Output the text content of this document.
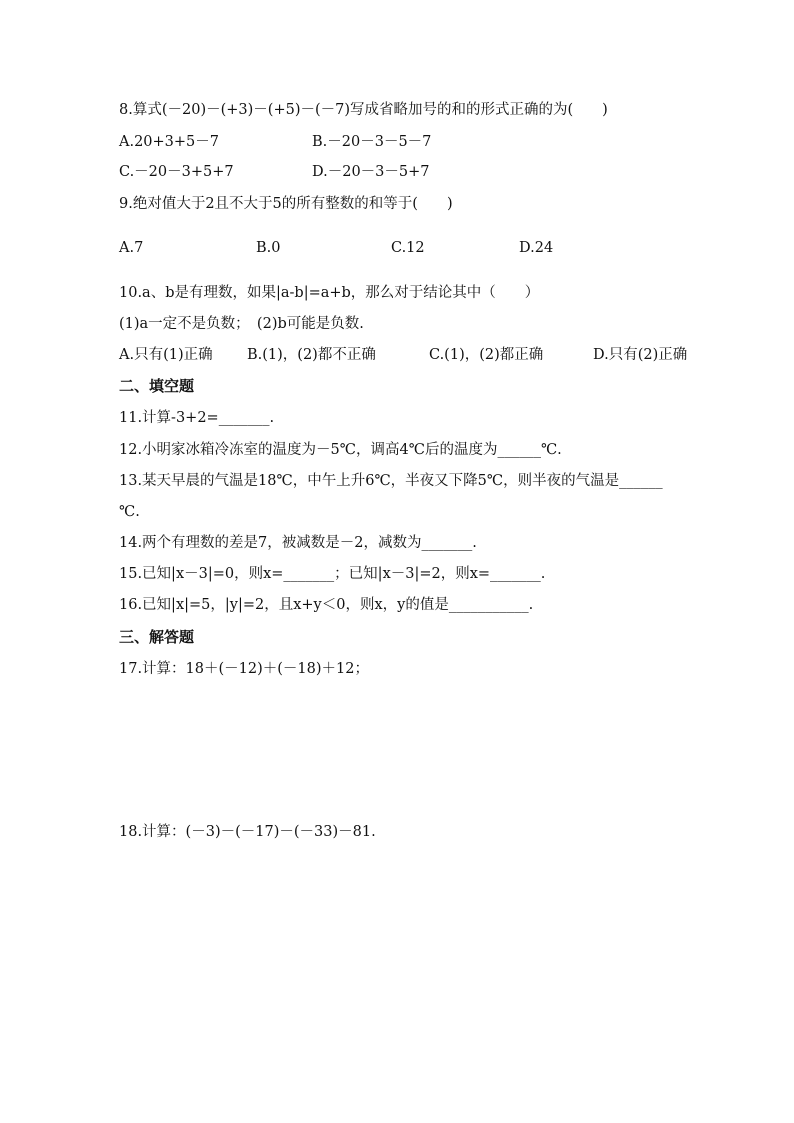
8.算式(－20)－(+3)－(+5)－(－7)写成省略加号的和的形式正确的为(　　)
A.20+3+5－7	B.－20－3－5－7
C.－20－3+5+7	D.－20－3－5+7
9.绝对值大于2且不大于5的所有整数的和等于(　　)
A.7	B.0	C.12	D.24
10.a、b是有理数，如果|a-b|=a+b，那么对于结论其中（　　）
(1)a一定不是负数；　(2)b可能是负数.
A.只有(1)正确 B.(1)，(2)都不正确	C.(1)，(2)都正确	D.只有(2)正确
二、填空题
11.计算-3+2=_______.
12.小明家冰箱冷冻室的温度为－5℃，调高4℃后的温度为______℃.
13.某天早晨的气温是18℃，中午上升6℃，半夜又下降5℃，则半夜的气温是______
℃.
14.两个有理数的差是7，被减数是－2，减数为_______.
15.已知|x－3|=0，则x=_______；已知|x－3|=2，则x=_______.
16.已知|x|=5，|y|=2，且x+y＜0，则x，y的值是___________.
三、解答题
17.计算：18＋(－12)＋(－18)＋12；
18.计算：(－3)－(－17)－(－33)－81.
